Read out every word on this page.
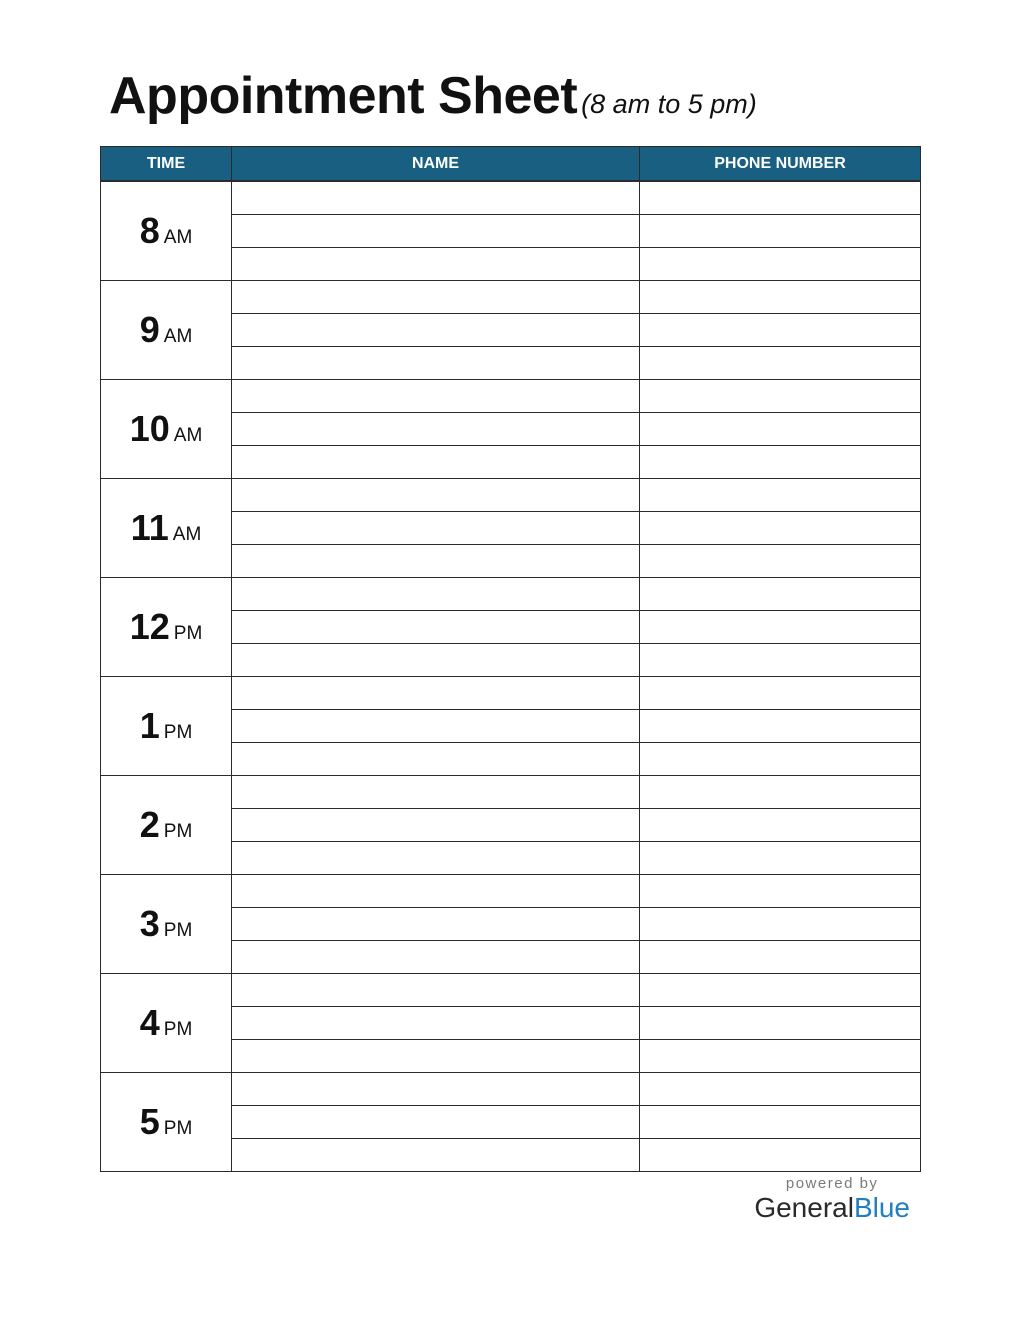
Appointment Sheet (8 am to 5 pm)
TIME	NAME	PHONE NUMBER
8 AM		

9 AM		

10 AM		

11 AM		

12 PM		

1 PM		

2 PM		

3 PM		

4 PM		

5 PM		

powered by
GeneralBlue
